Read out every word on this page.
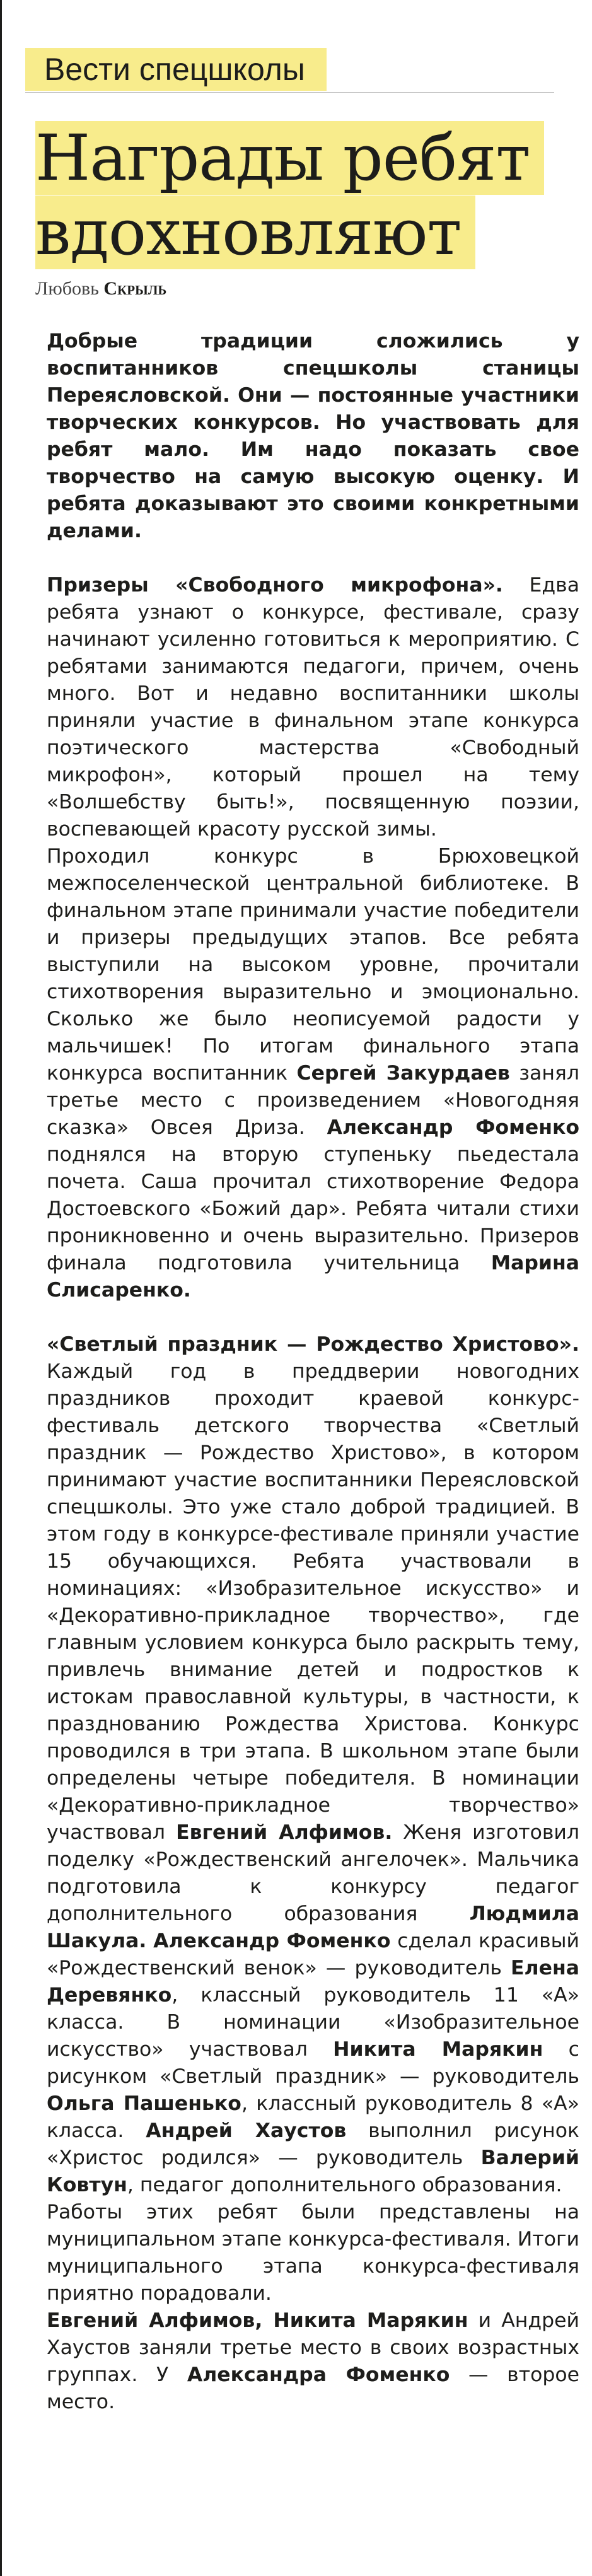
Вести спецшколы
Награды ребят вдохновляют
Любовь Скрыль

Добрые традиции сложились у воспитанников спецшколы станицы Переясловской. Они — постоянные участники творческих конкурсов. Но участвовать для ребят мало. Им надо показать свое творчество на самую высокую оценку. И ребята доказывают это своими конкретными делами.

Призеры «Свободного микрофона». Едва ребята узнают о конкурсе, фестивале, сразу начинают усиленно готовиться к мероприятию. С ребятами занимаются педагоги, причем, очень много. Вот и недавно воспитанники школы приняли участие в финальном этапе конкурса поэтического мастерства «Свободный микрофон», который прошел на тему «Волшебству быть!», посвященную поэзии, воспевающей красоту русской зимы.

Проходил конкурс в Брюховецкой межпоселенческой центральной библиотеке. В финальном этапе принимали участие победители и призеры предыдущих этапов. Все ребята выступили на высоком уровне, прочитали стихотворения выразительно и эмоционально. Сколько же было неописуемой радости у мальчишек! По итогам финального этапа конкурса воспитанник Сергей Закурдаев занял третье место с произведением «Новогодняя сказка» Овсея Дриза. Александр Фоменко поднялся на вторую ступеньку пьедестала почета. Саша прочитал стихотворение Федора Достоевского «Божий дар». Ребята читали стихи проникновенно и очень выразительно. Призеров финала подготовила учительница Марина Слисаренко.

«Светлый праздник — Рождество Христово». Каждый год в преддверии новогодних праздников проходит краевой конкурс-фестиваль детского творчества «Светлый праздник — Рождество Христово», в котором принимают участие воспитанники Переясловской спецшколы. Это уже стало доброй традицией. В этом году в конкурсе-фестивале приняли участие 15 обучающихся. Ребята участвовали в номинациях: «Изобразительное искусство» и «Декоративно-прикладное творчество», где главным условием конкурса было раскрыть тему, привлечь внимание детей и подростков к истокам православной культуры, в частности, к празднованию Рождества Христова. Конкурс проводился в три этапа. В школьном этапе были определены четыре победителя. В номинации «Декоративно-прикладное творчество» участвовал Евгений Алфимов. Женя изготовил поделку «Рождественский ангелочек». Мальчика подготовила к конкурсу педагог дополнительного образования	Людмила Шакула. Александр Фоменко сделал красивый «Рождественский венок» — руководитель Елена Деревянко, классный руководитель 11 «А» класса. В номинации «Изобразительное искусство» участвовал Никита Марякин с рисунком «Светлый праздник» — руководитель Ольга Пашенько, классный руководитель 8 «А» класса. Андрей Хаустов выполнил рисунок «Христос родился» — руководитель Валерий Ковтун, педагог дополнительного образования.

Работы этих ребят были представлены на муниципальном этапе конкурса-фестиваля. Итоги муниципального этапа конкурса-фестиваля приятно порадовали.

Евгений Алфимов, Никита Марякин и Андрей Хаустов заняли третье место в своих возрастных группах. У Александра Фоменко — второе место.
